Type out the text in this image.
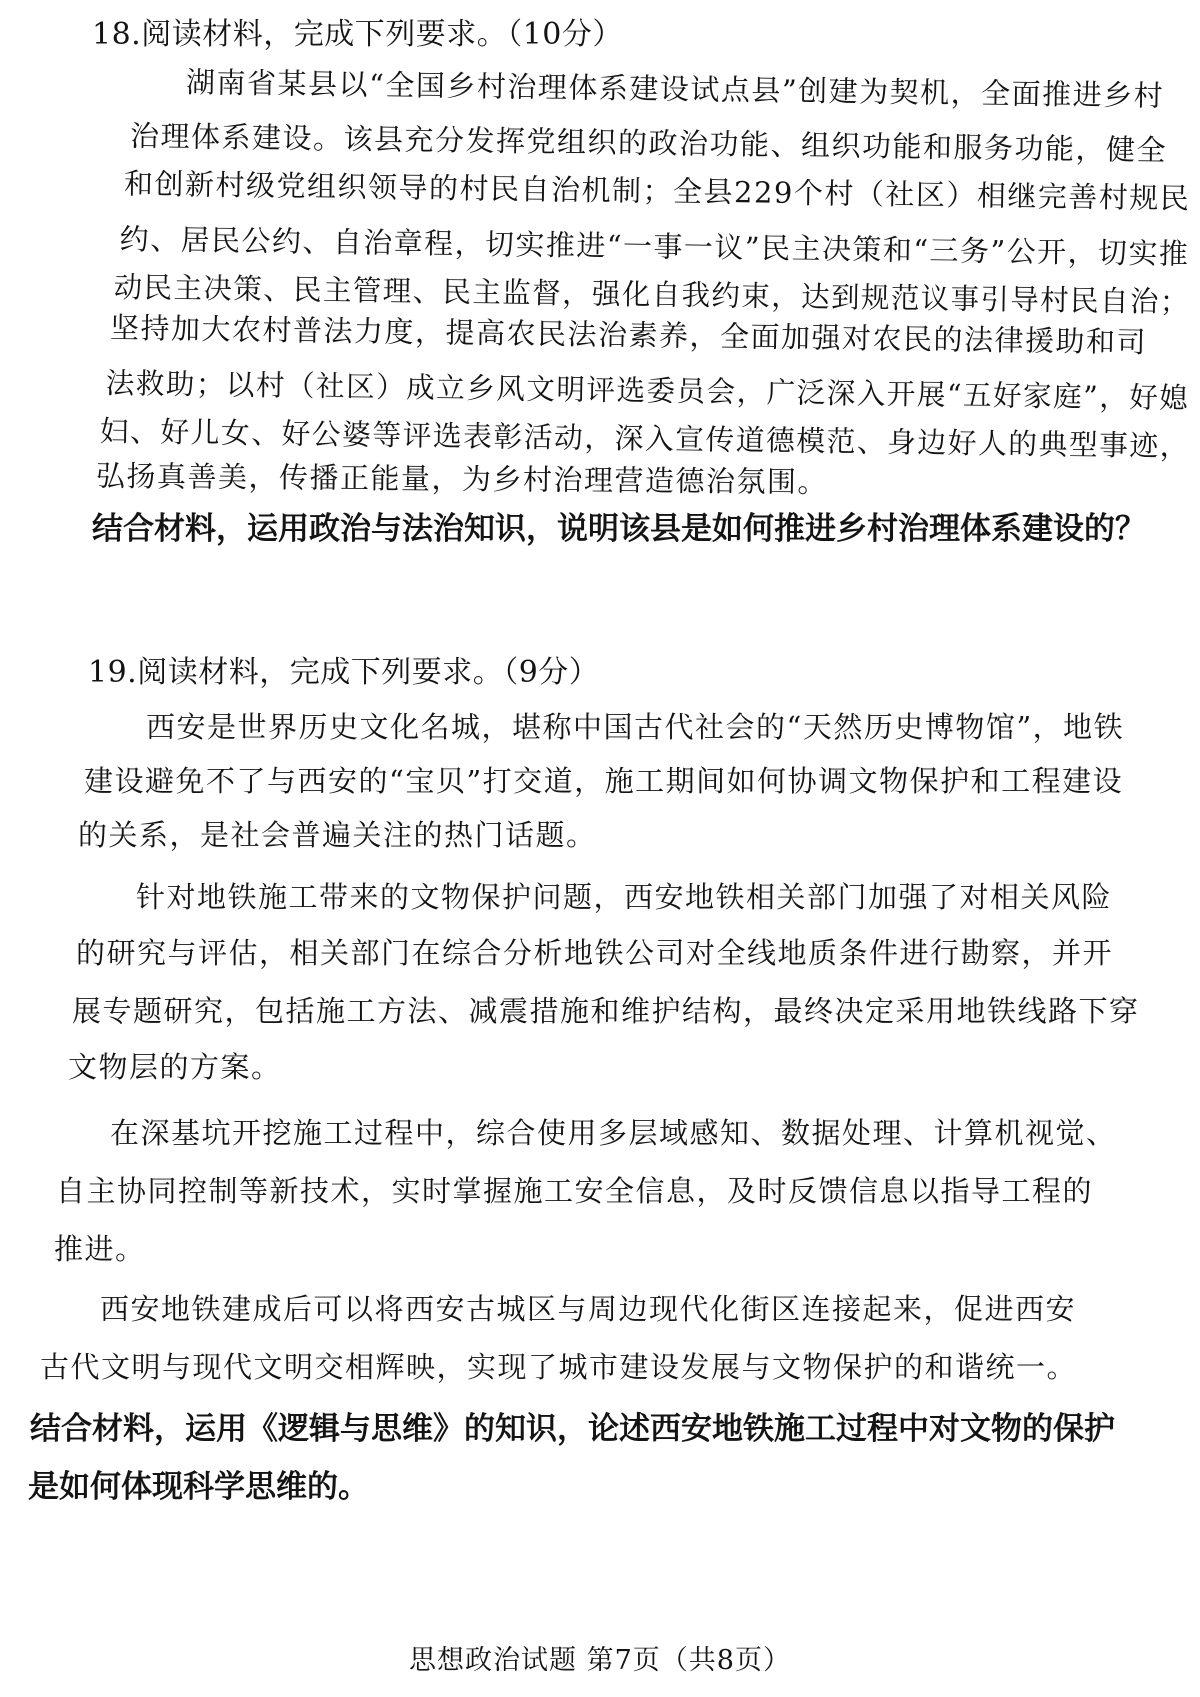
18.阅读材料，完成下列要求。（10分）
湖南省某县以“全国乡村治理体系建设试点县”创建为契机，全面推进乡村
治理体系建设。该县充分发挥党组织的政治功能、组织功能和服务功能，健全
和创新村级党组织领导的村民自治机制；全县229个村（社区）相继完善村规民
约、居民公约、自治章程，切实推进“一事一议”民主决策和“三务”公开，切实推
动民主决策、民主管理、民主监督，强化自我约束，达到规范议事引导村民自治；
坚持加大农村普法力度，提高农民法治素养，全面加强对农民的法律援助和司
法救助；以村（社区）成立乡风文明评选委员会，广泛深入开展“五好家庭”，好媳
妇、好儿女、好公婆等评选表彰活动，深入宣传道德模范、身边好人的典型事迹，
弘扬真善美，传播正能量，为乡村治理营造德治氛围。
结合材料，运用政治与法治知识，说明该县是如何推进乡村治理体系建设的？
19.阅读材料，完成下列要求。（9分）
西安是世界历史文化名城，堪称中国古代社会的“天然历史博物馆”，地铁
建设避免不了与西安的“宝贝”打交道，施工期间如何协调文物保护和工程建设
的关系，是社会普遍关注的热门话题。
针对地铁施工带来的文物保护问题，西安地铁相关部门加强了对相关风险
的研究与评估，相关部门在综合分析地铁公司对全线地质条件进行勘察，并开
展专题研究，包括施工方法、减震措施和维护结构，最终决定采用地铁线路下穿
文物层的方案。
在深基坑开挖施工过程中，综合使用多层域感知、数据处理、计算机视觉、
自主协同控制等新技术，实时掌握施工安全信息，及时反馈信息以指导工程的
推进。
西安地铁建成后可以将西安古城区与周边现代化街区连接起来，促进西安
古代文明与现代文明交相辉映，实现了城市建设发展与文物保护的和谐统一。
结合材料，运用《逻辑与思维》的知识，论述西安地铁施工过程中对文物的保护
是如何体现科学思维的。
思想政治试题 第7页（共8页）
